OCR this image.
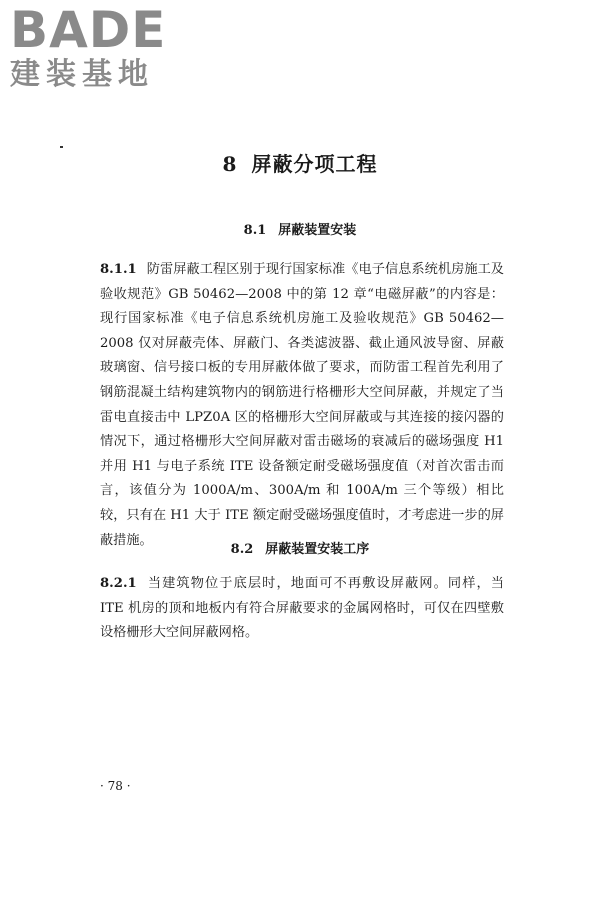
BADE
建装基地
8 屏蔽分项工程
8.1 屏蔽装置安装

8.1.1 防雷屏蔽工程区别于现行国家标准《电子信息系统机房施工及验收规范》GB 50462—2008 中的第 12 章“电磁屏蔽”的内容是：现行国家标准《电子信息系统机房施工及验收规范》GB 50462—2008 仅对屏蔽壳体、屏蔽门、各类滤波器、截止通风波导窗、屏蔽玻璃窗、信号接口板的专用屏蔽体做了要求，而防雷工程首先利用了钢筋混凝土结构建筑物内的钢筋进行格栅形大空间屏蔽，并规定了当雷电直接击中 LPZ0A 区的格栅形大空间屏蔽或与其连接的接闪器的情况下，通过格栅形大空间屏蔽对雷击磁场的衰减后的磁场强度 H1 并用 H1 与电子系统 ITE 设备额定耐受磁场强度值（对首次雷击而言，该值分为 1000A/m、300A/m 和 100A/m 三个等级）相比较，只有在 H1 大于 ITE 额定耐受磁场强度值时，才考虑进一步的屏蔽措施。

8.2 屏蔽装置安装工序

8.2.1 当建筑物位于底层时，地面可不再敷设屏蔽网。同样，当 ITE 机房的顶和地板内有符合屏蔽要求的金属网格时，可仅在四壁敷设格栅形大空间屏蔽网格。

· 78 ·
